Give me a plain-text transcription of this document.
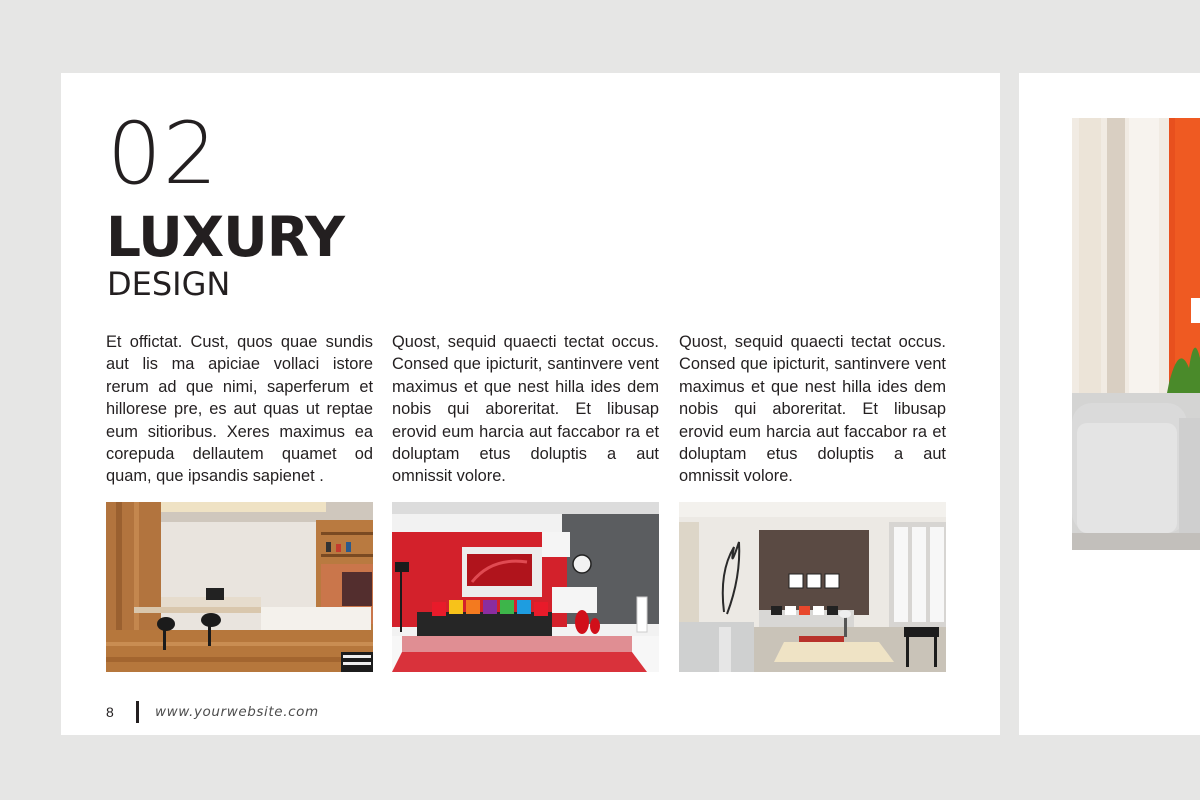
02
LUXURY
DESIGN
Et offictat. Cust, quos quae sundis aut lis ma apiciae vollaci istore rerum ad que nimi, saperferum et hillorese pre, es aut quas ut reptae eum sitioribus. Xeres maximus ea corepuda dellautem quamet od quam, que ipsandis sapienet .
Quost, sequid quaecti tectat occus. Consed que ipicturit, santinvere vent maximus et que nest hilla ides dem nobis qui aboreritat. Et libusap erovid eum harcia aut faccabor ra et doluptam etus doluptis a aut omnissit volore.
Quost, sequid quaecti tectat occus. Consed que ipicturit, santinvere vent maximus et que nest hilla ides dem nobis qui aboreritat. Et libusap erovid eum harcia aut faccabor ra et doluptam etus doluptis a aut omnissit volore.
8	www.yourwebsite.com
